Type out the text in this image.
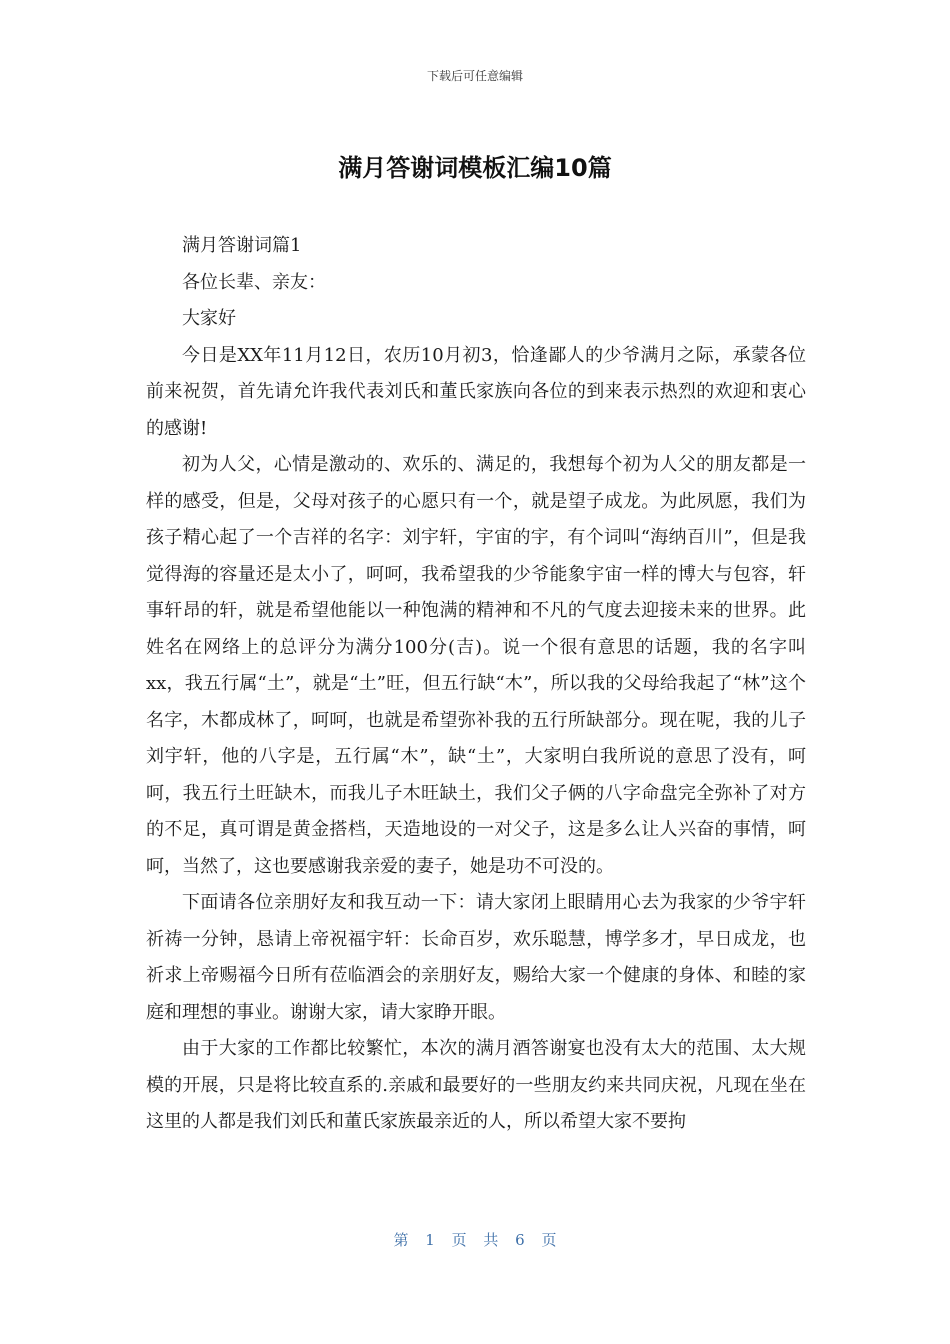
下载后可任意编辑
满月答谢词模板汇编10篇

满月答谢词篇1

各位长辈、亲友：

大家好

今日是XX年11月12日，农历10月初3，恰逢鄙人的少爷满月之际，承蒙各位前来祝贺，首先请允许我代表刘氏和董氏家族向各位的到来表示热烈的欢迎和衷心的感谢!

初为人父，心情是激动的、欢乐的、满足的，我想每个初为人父的朋友都是一样的感受，但是，父母对孩子的心愿只有一个，就是望子成龙。为此夙愿，我们为孩子精心起了一个吉祥的名字：刘宇轩，宇宙的宇，有个词叫“海纳百川”，但是我觉得海的容量还是太小了，呵呵，我希望我的少爷能象宇宙一样的博大与包容，轩事轩昂的轩，就是希望他能以一种饱满的精神和不凡的气度去迎接未来的世界。此姓名在网络上的总评分为满分100分(吉)。说一个很有意思的话题，我的名字叫xx，我五行属“土”，就是“土”旺，但五行缺“木”，所以我的父母给我起了“林”这个名字，木都成林了，呵呵，也就是希望弥补我的五行所缺部分。现在呢，我的儿子刘宇轩，他的八字是，五行属“木”，缺“土”，大家明白我所说的意思了没有，呵呵，我五行土旺缺木，而我儿子木旺缺土，我们父子俩的八字命盘完全弥补了对方的不足，真可谓是黄金搭档，天造地设的一对父子，这是多么让人兴奋的事情，呵呵，当然了，这也要感谢我亲爱的妻子，她是功不可没的。

下面请各位亲朋好友和我互动一下：请大家闭上眼睛用心去为我家的少爷宇轩祈祷一分钟，恳请上帝祝福宇轩：长命百岁，欢乐聪慧，博学多才，早日成龙，也祈求上帝赐福今日所有莅临酒会的亲朋好友，赐给大家一个健康的身体、和睦的家庭和理想的事业。谢谢大家，请大家睁开眼。

由于大家的工作都比较繁忙，本次的满月酒答谢宴也没有太大的范围、太大规模的开展，只是将比较直系的.亲戚和最要好的一些朋友约来共同庆祝，凡现在坐在这里的人都是我们刘氏和董氏家族最亲近的人，所以希望大家不要拘

第 1 页 共 6 页
